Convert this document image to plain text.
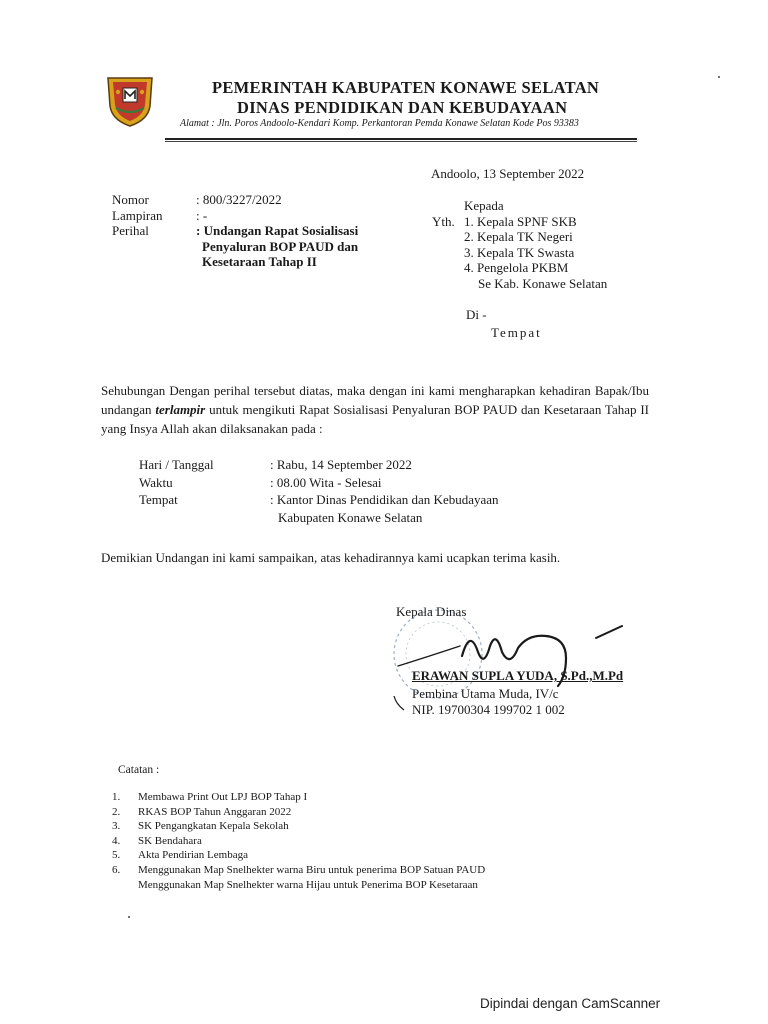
PEMERINTAH KABUPATEN KONAWE SELATAN
DINAS PENDIDIKAN DAN KEBUDAYAAN
Alamat : Jln. Poros Andoolo-Kendari Komp. Perkantoran Pemda Konawe Selatan Kode Pos 93383
Andoolo, 13 September 2022
Nomor
Lampiran
Perihal
: 800/3227/2022
: -
: Undangan Rapat Sosialisasi
Penyaluran BOP PAUD dan
Kesetaraan Tahap II
Kepada
Yth. 1. Kepala SPNF SKB
2. Kepala TK Negeri
3. Kepala TK Swasta
4. Pengelola PKBM
Se Kab. Konawe Selatan
Di -
Tempat
Sehubungan Dengan perihal tersebut diatas, maka dengan ini kami mengharapkan kehadiran Bapak/Ibu undangan terlampir untuk mengikuti Rapat Sosialisasi Penyaluran BOP PAUD dan Kesetaraan Tahap II yang Insya Allah akan dilaksanakan pada :
Hari / Tanggal
Waktu
Tempat
: Rabu, 14 September 2022
: 08.00 Wita - Selesai
: Kantor Dinas Pendidikan dan Kebudayaan
Kabupaten Konawe Selatan
Demikian Undangan ini kami sampaikan, atas kehadirannya kami ucapkan terima kasih.
Kepala Dinas
ERAWAN SUPLA YUDA, S.Pd.,M.Pd
Pembina Utama Muda, IV/c
NIP. 19700304 199702 1 002
Catatan :
1. Membawa Print Out LPJ BOP Tahap I
2. RKAS BOP Tahun Anggaran 2022
3. SK Pengangkatan Kepala Sekolah
4. SK Bendahara
5. Akta Pendirian Lembaga
6. Menggunakan Map Snelhekter warna Biru untuk penerima BOP Satuan PAUD
Menggunakan Map Snelhekter warna Hijau untuk Penerima BOP Kesetaraan
Dipindai dengan CamScanner
